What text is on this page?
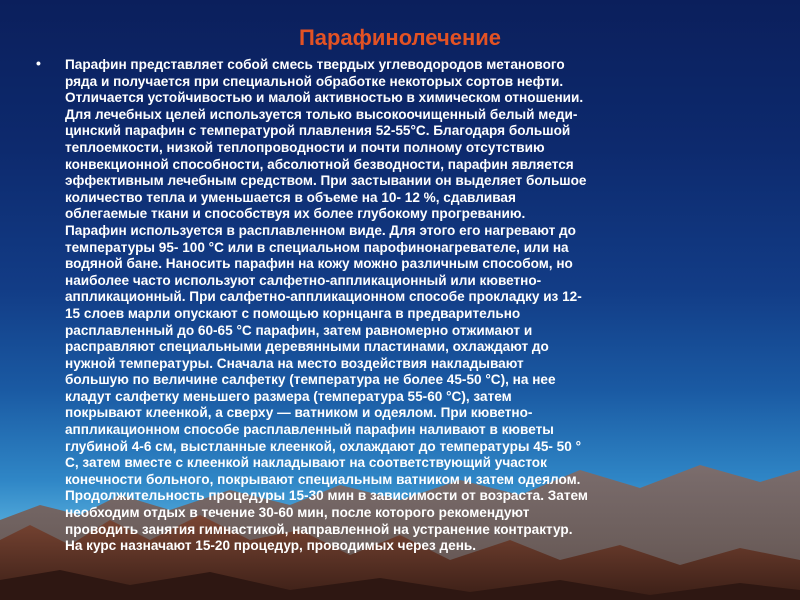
Парафинолечение
• Парафин представляет собой смесь твердых углеводородов метанового
ряда и получается при специальной обработке некоторых сортов нефти.
Отличается устойчивостью и малой активностью в химическом отношении.
Для лечебных целей используется только высокоочищенный белый меди-
цинский парафин с температурой плавления 52-55°С. Благодаря большой
теплоемкости, низкой теплопроводности и почти полному отсутствию
конвекционной способности, абсолютной безводности, парафин является
эффективным лечебным средством. При застывании он выделяет большое
количество тепла и уменьшается в объеме на 10- 12 %, сдавливая
облегаемые ткани и способствуя их более глубокому прогреванию.
Парафин используется в расплавленном виде. Для этого его нагревают до
температуры 95- 100 °С или в специальном парофинонагревателе, или на
водяной бане. Наносить парафин на кожу можно различным способом, но
наиболее часто используют салфетно-аппликационный или кюветно-
аппликационный. При салфетно-аппликационном способе прокладку из 12-
15 слоев марли опускают с помощью корнцанга в предварительно
расплавленный до 60-65 °С парафин, затем равномерно отжимают и
расправляют специальными деревянными пластинами, охлаждают до
нужной температуры. Сначала на место воздействия накладывают
большую по величине салфетку (температура не более 45-50 °С), на нее
кладут салфетку меньшего размера (температура 55-60 °С), затем
покрывают клеенкой, а сверху — ватником и одеялом. При кюветно-
аппликационном способе расплавленный парафин наливают в кюветы
глубиной 4-6 см, выстланные клеенкой, охлаждают до температуры 45- 50 °
С, затем вместе с клеенкой накладывают на соответствующий участок
конечности больного, покрывают специальным ватником и затем одеялом.
Продолжительность процедуры 15-30 мин в зависимости от возраста. Затем
необходим отдых в течение 30-60 мин, после которого рекомендуют
проводить занятия гимнастикой, направленной на устранение контрактур.
На курс назначают 15-20 процедур, проводимых через день.
